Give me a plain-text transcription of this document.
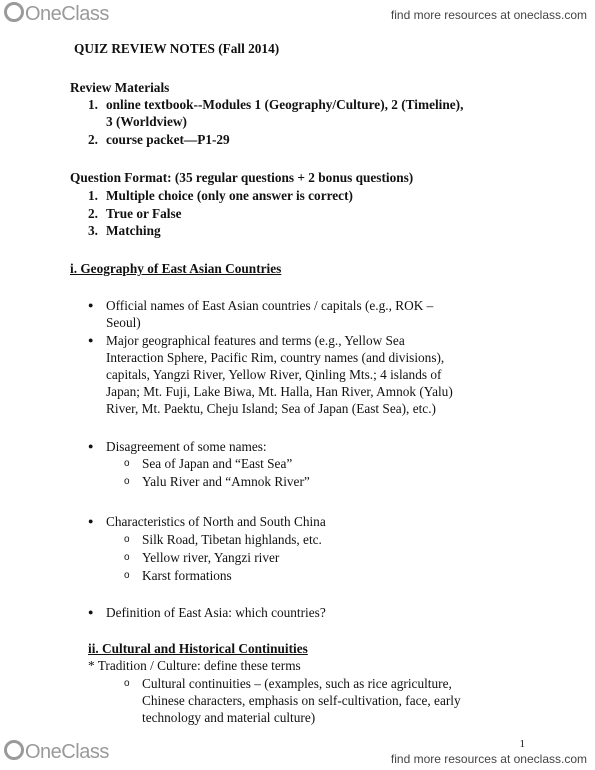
OneClass	find more resources at oneclass.com
QUIZ REVIEW NOTES (Fall 2014)
Review Materials
1. online textbook--Modules 1 (Geography/Culture), 2 (Timeline),
3 (Worldview)
2. course packet—P1-29
Question Format: (35 regular questions + 2 bonus questions)
1. Multiple choice (only one answer is correct)
2. True or False
3. Matching
i. Geography of East Asian Countries
● Official names of East Asian countries / capitals (e.g., ROK –
Seoul)
● Major geographical features and terms (e.g., Yellow Sea
Interaction Sphere, Pacific Rim, country names (and divisions),
capitals, Yangzi River, Yellow River, Qinling Mts.; 4 islands of
Japan; Mt. Fuji, Lake Biwa, Mt. Halla, Han River, Amnok (Yalu)
River, Mt. Paektu, Cheju Island; Sea of Japan (East Sea), etc.)
● Disagreement of some names:
o Sea of Japan and “East Sea”
o Yalu River and “Amnok River”
● Characteristics of North and South China
o Silk Road, Tibetan highlands, etc.
o Yellow river, Yangzi river
o Karst formations
● Definition of East Asia: which countries?
ii. Cultural and Historical Continuities
* Tradition / Culture: define these terms
o Cultural continuities – (examples, such as rice agriculture,
Chinese characters, emphasis on self-cultivation, face, early
technology and material culture)
1
OneClass	find more resources at oneclass.com
